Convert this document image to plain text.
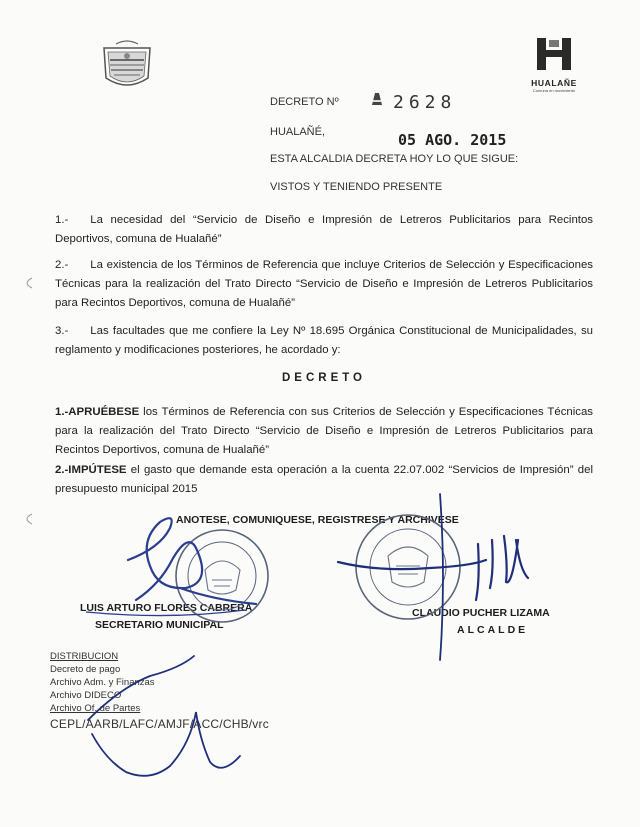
HUALAÑE
Comuna en movimiento
DECRETO Nº	2628
HUALAÑÉ,	05 AGO. 2015
ESTA ALCALDIA DECRETA HOY LO QUE SIGUE:
VISTOS Y TENIENDO PRESENTE
1.- La necesidad del “Servicio de Diseño e Impresión de Letreros Publicitarios para Recintos Deportivos, comuna de Hualañé”
2.- La existencia de los Términos de Referencia que incluye Criterios de Selección y Especificaciones Técnicas para la realización del Trato Directo “Servicio de Diseño e Impresión de Letreros Publicitarios para Recintos Deportivos, comuna de Hualañé”
3.- Las facultades que me confiere la Ley Nº 18.695 Orgánica Constitucional de Municipalidades, su reglamento y modificaciones posteriores, he acordado y:
DECRETO
1.-APRUÉBESE los Términos de Referencia con sus Criterios de Selección y Especificaciones Técnicas para la realización del Trato Directo “Servicio de Diseño e Impresión de Letreros Publicitarios para Recintos Deportivos, comuna de Hualañé”
2.-IMPÚTESE el gasto que demande esta operación a la cuenta 22.07.002 “Servicios de Impresión” del presupuesto municipal 2015
ANOTESE, COMUNIQUESE, REGISTRESE Y ARCHIVESE
LUIS ARTURO FLORES CABRERA
SECRETARIO MUNICIPAL
CLAUDIO PUCHER LIZAMA
ALCALDE
DISTRIBUCION
Decreto de pago
Archivo Adm. y Finanzas
Archivo DIDECO
Archivo Of. de Partes
CEPL/AARB/LAFC/AMJF/ACC/CHB/vrc
